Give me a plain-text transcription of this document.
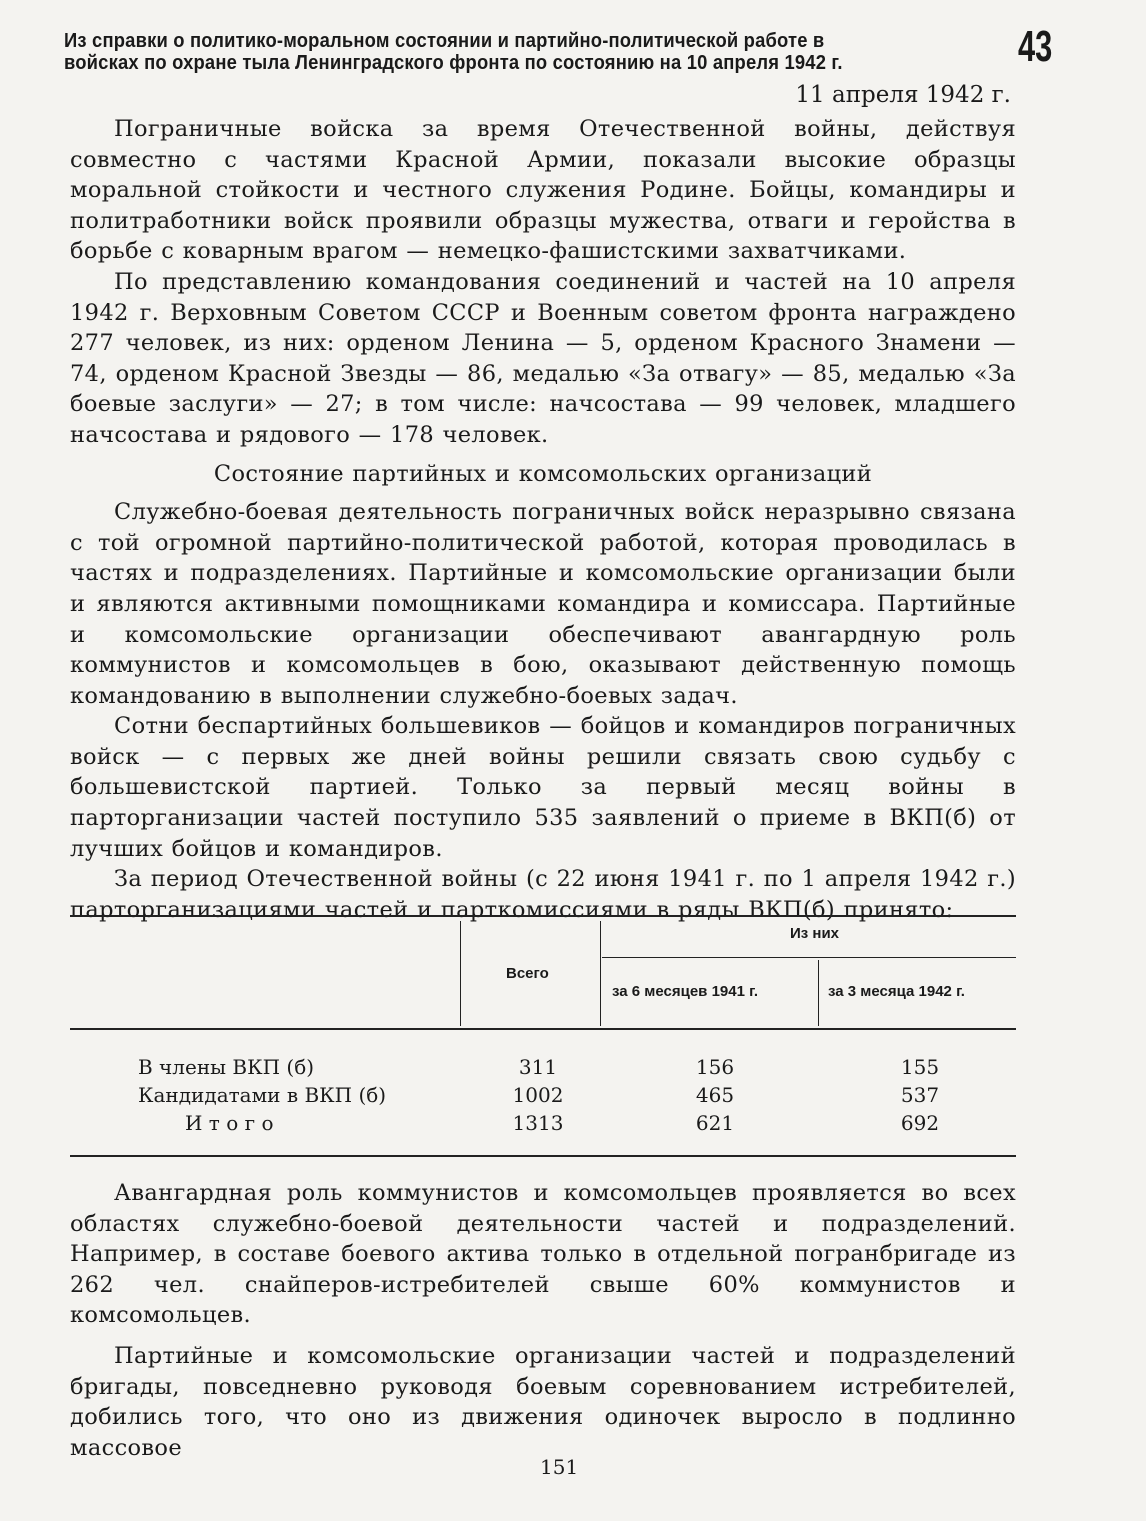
Из справки о политико-моральном состоянии и партийно-политической работе в войсках по охране тыла Ленинградского фронта по состоянию на 10 апреля 1942 г.	43
11 апреля 1942 г.

Пограничные войска за время Отечественной войны, действуя совместно с частями Красной Армии, показали высокие образцы моральной стойкости и честного служения Родине. Бойцы, командиры и политработники войск проявили образцы мужества, отваги и геройства в борьбе с коварным врагом — немецко-фашистскими захватчиками.

По представлению командования соединений и частей на 10 апреля 1942 г. Верховным Советом СССР и Военным советом фронта награждено 277 человек, из них: орденом Ленина — 5, орденом Красного Знамени — 74, орденом Красной Звезды — 86, медалью «За отвагу» — 85, медалью «За боевые заслуги» — 27; в том числе: начсостава — 99 человек, младшего начсостава и рядового — 178 человек.

Состояние партийных и комсомольских организаций

Служебно-боевая деятельность пограничных войск неразрывно связана с той огромной партийно-политической работой, которая проводилась в частях и подразделениях. Партийные и комсомольские организации были и являются активными помощниками командира и комиссара. Партийные и комсомольские организации обеспечивают авангардную роль коммунистов и комсомольцев в бою, оказывают действенную помощь командованию в выполнении служебно-боевых задач.

Сотни беспартийных большевиков — бойцов и командиров пограничных войск — с первых же дней войны решили связать свою судьбу с большевистской партией. Только за первый месяц войны в парторганизации частей поступило 535 заявлений о приеме в ВКП(б) от лучших бойцов и командиров.

За период Отечественной войны (с 22 июня 1941 г. по 1 апреля 1942 г.) парторганизациями частей и парткомиссиями в ряды ВКП(б) принято:

Из них
Всего
за 6 месяцев 1941 г.	за 3 месяца 1942 г.
В члены ВКП (б)	311	156	155
Кандидатами в ВКП (б)	1002	465	537
И т о г о	1313	621	692

Авангардная роль коммунистов и комсомольцев проявляется во всех областях служебно-боевой деятельности частей и подразделений. Например, в составе боевого актива только в отдельной погранбригаде из 262 чел. снайперов-истребителей свыше 60% коммунистов и комсомольцев.

Партийные и комсомольские организации частей и подразделений бригады, повседневно руководя боевым соревнованием истребителей, добились того, что оно из движения одиночек выросло в подлинно массовое

151
